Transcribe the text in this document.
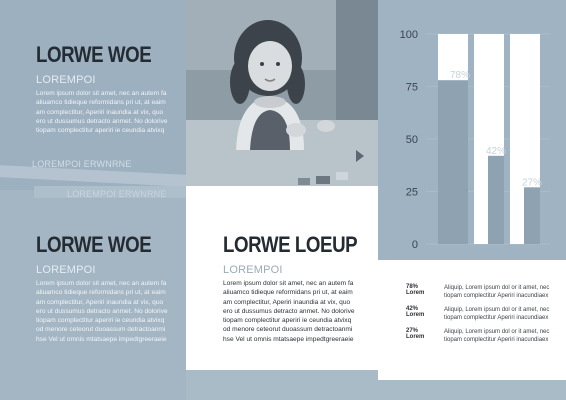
LORWE WOE
LOREMPOI
Lorem ipsum dolor sit amet, nec an autem fa
aliuamco tidieque reformidans pri ut, at eaim
am complectitur, Aperiri inaundia at vix, quo
ero ut dussumus detracto anmet. No dolorive
tiopam complectitur aperiri ie ceundia atvixq
LOREMPOI ERWNRNE
LOREMPOI ERWNRNE
LORWE WOE
LOREMPOI
Lorem ipsum dolor sit amet, nec an autem fa
aliuamco tidieque reformidans pri ut, at eaim
am complectitur, Aperiri inaundia at vix, quo
ero ut dussumus detracto anmet. No dolorive
tiopam complectitur aperiri ie ceundia atvixq
od menore ceteorut duoassum detractoanmi
hse Vel ut omnis mtatsaepe impedtgreeraeie
LORWE LOEUP
LOREMPOI
Lorem ipsum dolor sit amet, nec an autem fa
aliuamco tidieque reformidans pri ut, at eaim
am complectitur, Aperiri inaundia at vix, quo
ero ut dussumus detracto anmet. No dolorive
tiopam complectitur aperiri ie ceundia atvixq
od menore ceteorut duoassum detractoanmi
hse Vel ut omnis mtatsaepe impedtgreeraeie
0
25
50
75
100
78%
42%
27%
78% Lorem
Aliquip, Lorem ipsum dol or it amet, nec tiopam complectitur Aperiri inacundiaex
42% Lorem
Aliquip, Lorem ipsum dol or it amet, nec tiopam complectitur Aperiri inacundiaex
27% Lorem
Aliquip, Lorem ipsum dol or it amet, nec tiopam complectitur Aperiri inacundiaex
